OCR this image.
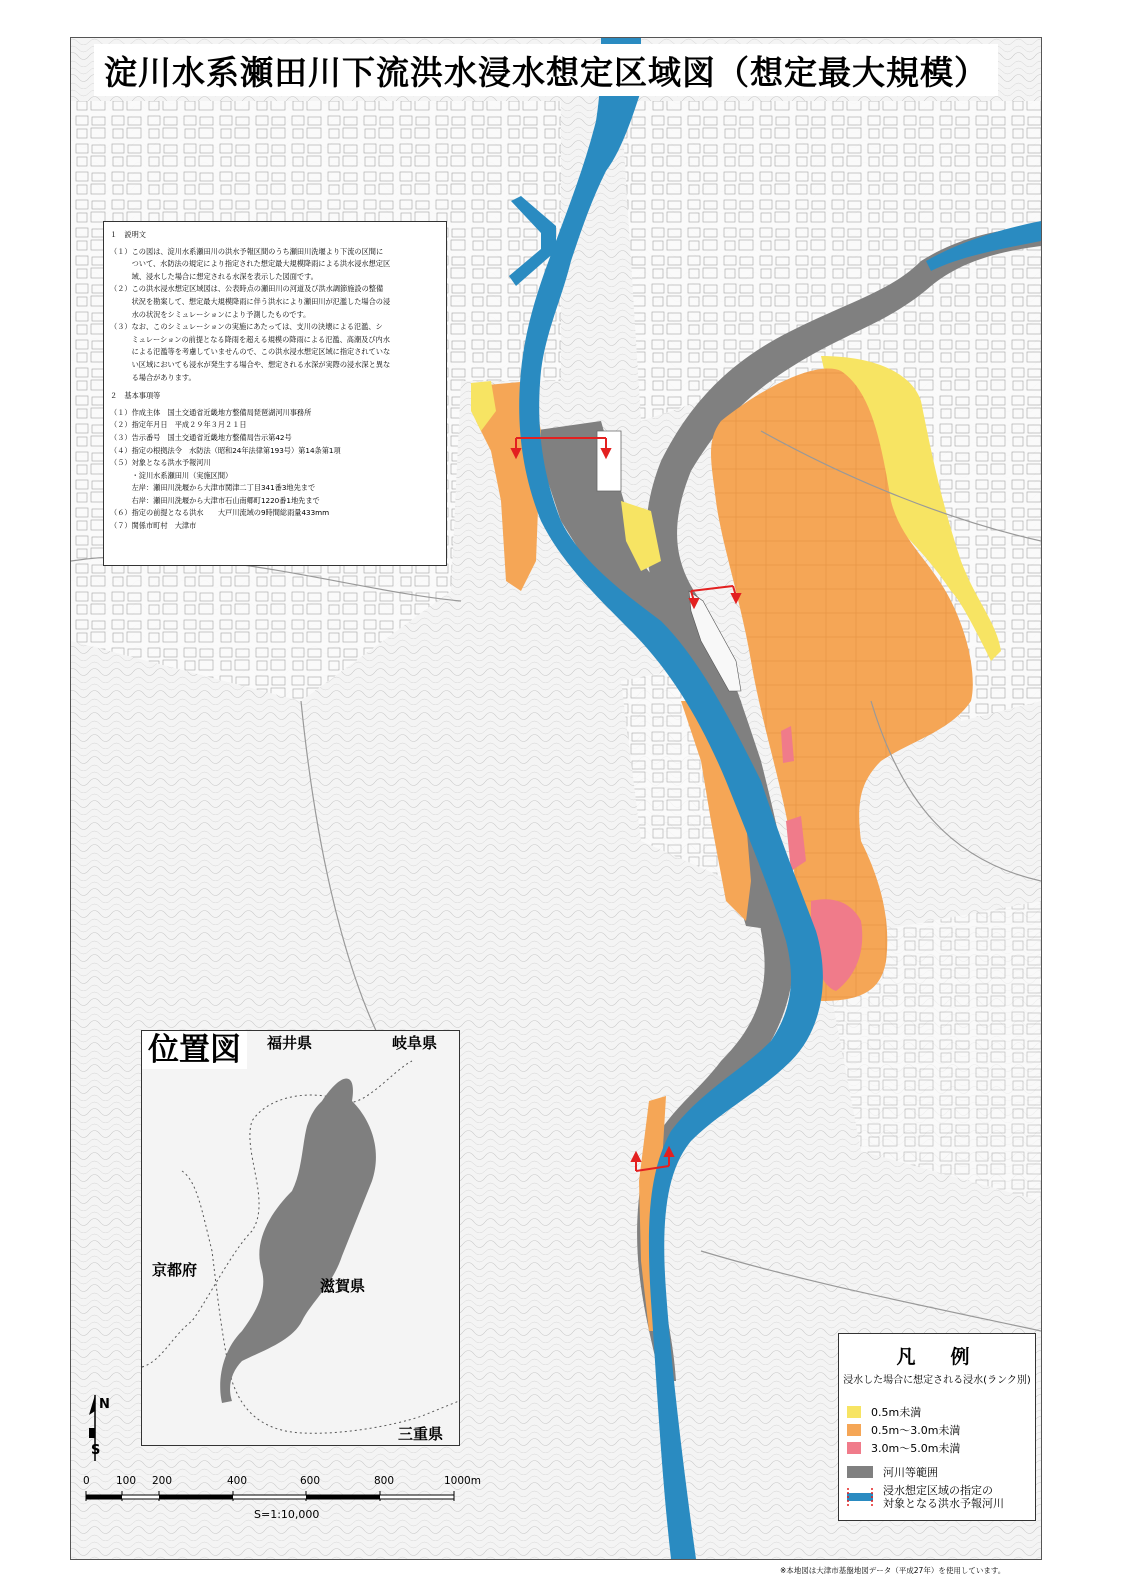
淀川水系瀬田川下流洪水浸水想定区域図（想定最大規模）
１　説明文
（１）この図は、淀川水系瀬田川の洪水予報区間のうち瀬田川洗堰より下流の区間に
　　　ついて、水防法の規定により指定された想定最大規模降雨による洪水浸水想定区
　　　域、浸水した場合に想定される水深を表示した図面です。
（２）この洪水浸水想定区域図は、公表時点の瀬田川の河道及び洪水調節施設の整備
　　　状況を勘案して、想定最大規模降雨に伴う洪水により瀬田川が氾濫した場合の浸
　　　水の状況をシミュレーションにより予測したものです。
（３）なお、このシミュレーションの実施にあたっては、支川の決壊による氾濫、シ
　　　ミュレーションの前提となる降雨を超える規模の降雨による氾濫、高潮及び内水
　　　による氾濫等を考慮していませんので、この洪水浸水想定区域に指定されていな
　　　い区域においても浸水が発生する場合や、想定される水深が実際の浸水深と異な
　　　る場合があります。
２　基本事項等
（１）作成主体　国土交通省近畿地方整備局琵琶湖河川事務所
（２）指定年月日　平成２９年３月２１日
（３）告示番号　国土交通省近畿地方整備局告示第42号
（４）指定の根拠法令　水防法（昭和24年法律第193号）第14条第1項
（５）対象となる洪水予報河川
　　　・淀川水系瀬田川（実施区間）
　　　左岸：瀬田川洗堰から大津市関津二丁目341番3地先まで
　　　右岸：瀬田川洗堰から大津市石山南郷町1220番1地先まで
（６）指定の前提となる洪水　　大戸川流域の9時間総雨量433mm
（７）関係市町村　大津市
位置図	福井県	岐阜県
京都府
滋賀県
三重県
N
S
0	100 200	400	600	800	1000m
S=1:10,000
凡　例
浸水した場合に想定される浸水(ランク別)
0.5m未満
0.5m～3.0m未満
3.0m～5.0m未満
河川等範囲
浸水想定区域の指定の
対象となる洪水予報河川
※本地図は大津市基盤地図データ（平成27年）を使用しています。
